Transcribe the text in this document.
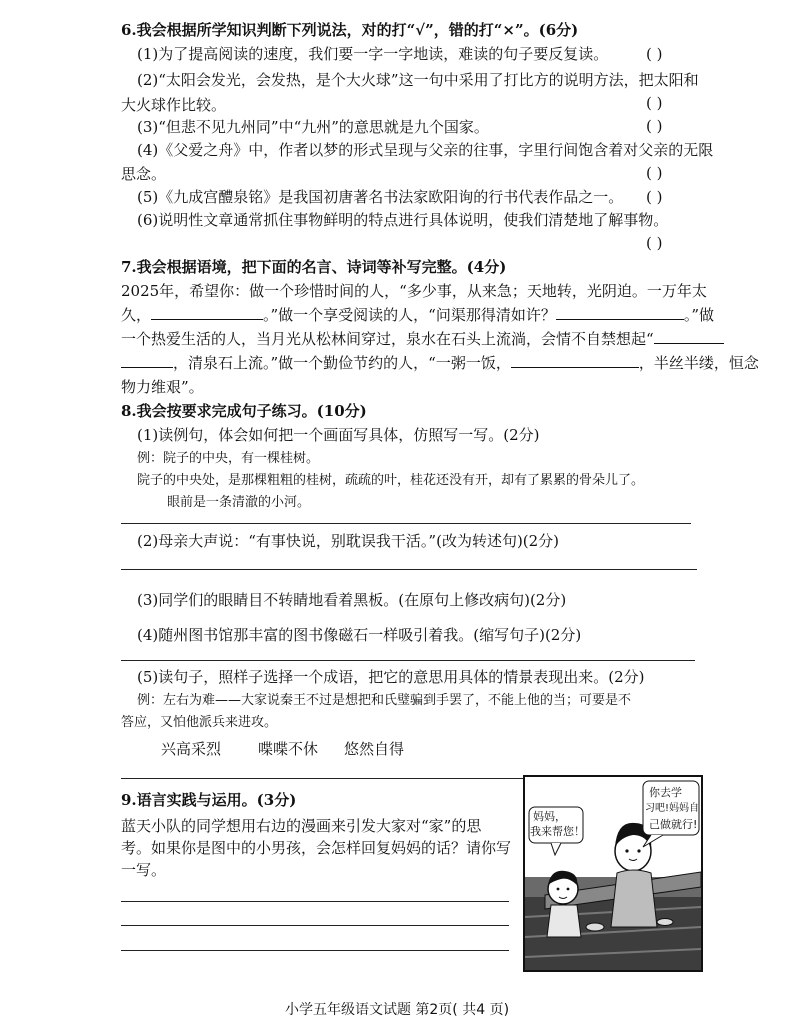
6.我会根据所学知识判断下列说法，对的打“√”，错的打“×”。(6分)
(1)为了提高阅读的速度，我们要一字一字地读，难读的句子要反复读。	( )
(2)“太阳会发光，会发热，是个大火球”这一句中采用了打比方的说明方法，把太阳和
大火球作比较。	( )
(3)“但悲不见九州同”中“九州”的意思就是九个国家。	( )
(4)《父爱之舟》中，作者以梦的形式呈现与父亲的往事，字里行间饱含着对父亲的无限
思念。	( )
(5)《九成宫醴泉铭》是我国初唐著名书法家欧阳询的行书代表作品之一。 ( )
(6)说明性文章通常抓住事物鲜明的特点进行具体说明，使我们清楚地了解事物。
( )
7.我会根据语境，把下面的名言、诗词等补写完整。(4分)
2025年，希望你：做一个珍惜时间的人，“多少事，从来急；天地转，光阴迫。一万年太
久，	。”做一个享受阅读的人，“问渠那得清如许？	。”做
一个热爱生活的人，当月光从松林间穿过，泉水在石头上流淌，会情不自禁想起“
，清泉石上流。”做一个勤俭节约的人，“一粥一饭，	，半丝半缕，恒念
物力维艰”。
8.我会按要求完成句子练习。(10分)
(1)读例句，体会如何把一个画面写具体，仿照写一写。(2分)
例：院子的中央，有一棵桂树。
院子的中央处，是那棵粗粗的桂树，疏疏的叶，桂花还没有开，却有了累累的骨朵儿了。
眼前是一条清澈的小河。
(2)母亲大声说：“有事快说，别耽误我干活。”(改为转述句)(2分)
(3)同学们的眼睛目不转睛地看着黑板。(在原句上修改病句)(2分)
(4)随州图书馆那丰富的图书像磁石一样吸引着我。(缩写句子)(2分)
(5)读句子，照样子选择一个成语，把它的意思用具体的情景表现出来。(2分)
例：左右为难——大家说秦王不过是想把和氏璧骗到手罢了，不能上他的当；可要是不
答应，又怕他派兵来进攻。
兴高采烈 喋喋不休 悠然自得
9.语言实践与运用。(3分)
蓝天小队的同学想用右边的漫画来引发大家对“家”的思
考。如果你是图中的小男孩，会怎样回复妈妈的话？请你写
一写。
妈妈，
我来帮您！
你去学
习吧!妈妈自
己做就行!
小学五年级语文试题 第2页( 共4 页)
